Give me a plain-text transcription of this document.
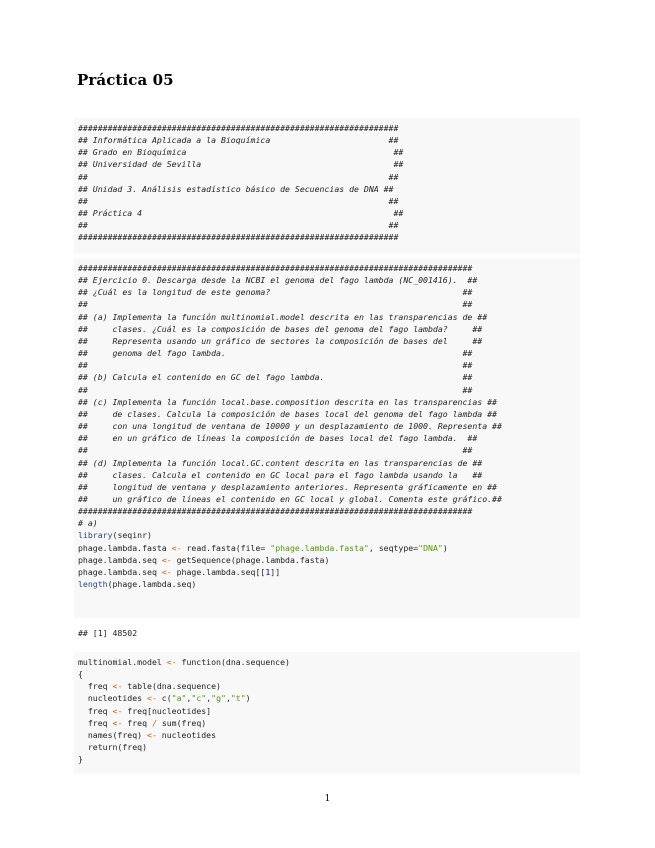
Práctica 05
#################################################################
## Informática Aplicada a la Bioquímica                        ##
## Grado en Bioquímica                                          ##
## Universidad de Sevilla                                       ##
##                                                             ##
## Unidad 3. Análisis estadístico básico de Secuencias de DNA ##
##                                                             ##
## Práctica 4                                                   ##
##                                                             ##
#################################################################

################################################################################
## Ejercicio 0. Descarga desde la NCBI el genoma del fago lambda (NC_001416).  ##
## ¿Cuál es la longitud de este genoma?                                       ##
##                                                                            ##
## (a) Implementa la función multinomial.model descrita en las transparencias de ##
##     clases. ¿Cuál es la composición de bases del genoma del fago lambda?     ##
##     Representa usando un gráfico de sectores la composición de bases del     ##
##     genoma del fago lambda.                                                ##
##                                                                            ##
## (b) Calcula el contenido en GC del fago lambda.                            ##
##                                                                            ##
## (c) Implementa la función local.base.composition descrita en las transparencias ##
##     de clases. Calcula la composición de bases local del genoma del fago lambda ##
##     con una longitud de ventana de 10000 y un desplazamiento de 1000. Representa ##
##     en un gráfico de líneas la composición de bases local del fago lambda.  ##
##                                                                            ##
## (d) Implementa la función local.GC.content descrita en las transparencias de ##
##     clases. Calcula el contenido en GC local para el fago lambda usando la   ##
##     longitud de ventana y desplazamiento anteriores. Representa gráficamente en ##
##     un gráfico de líneas el contenido en GC local y global. Comenta este gráfico.##
################################################################################

# a)
library(seqinr)
phage.lambda.fasta <- read.fasta(file= "phage.lambda.fasta", seqtype="DNA")
phage.lambda.seq <- getSequence(phage.lambda.fasta)
phage.lambda.seq <- phage.lambda.seq[[1]]
length(phage.lambda.seq)

## [1] 48502
multinomial.model <- function(dna.sequence)
{
freq <- table(dna.sequence)
nucleotides <- c("a","c","g","t")
freq <- freq[nucleotides]
freq <- freq / sum(freq)
names(freq) <- nucleotides
return(freq)
}

1
